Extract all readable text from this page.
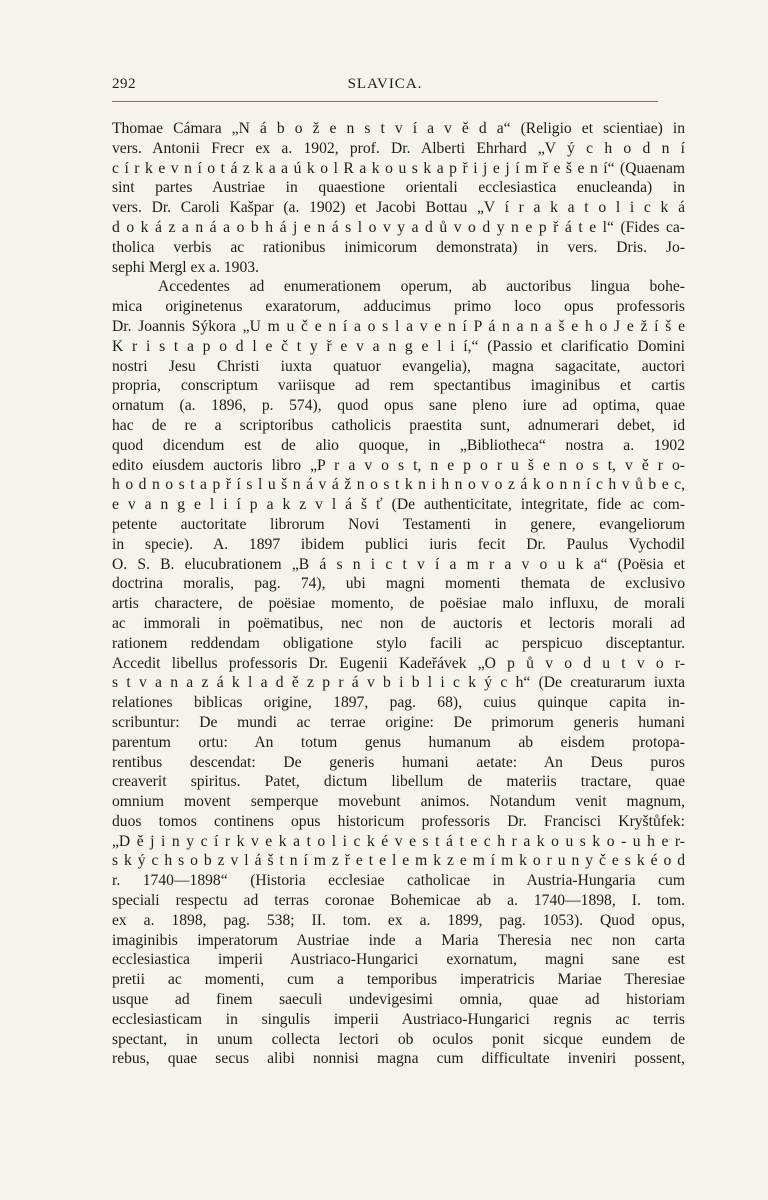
292	SLAVICA.
Thomae Cámara „N á b o ž e n s t v í a v ě d a“ (Religio et scientiae) in
vers. Antonii Frecr ex a. 1902, prof. Dr. Alberti Ehrhard „V ý c h o d n í
c í r k e v n í o t á z k a a ú k o l R a k o u s k a p ř i j e j í m ř e š e n í“ (Quaenam
sint partes Austriae in quaestione orientali ecclesiastica enucleanda) in
vers. Dr. Caroli Kašpar (a. 1902) et Jacobi Bottau „V í r a k a t o l i c k á
d o k á z a n á a o b h á j e n á s l o v y a d ů v o d y n e p ř á t e l“ (Fides ca-
tholica verbis ac rationibus inimicorum demonstrata) in vers. Dris. Jo-
sephi Mergl ex a. 1903.
Accedentes ad enumerationem operum, ab auctoribus lingua bohe-
mica originetenus exaratorum, adducimus primo loco opus professoris
Dr. Joannis Sýkora „U m u č e n í a o s l a v e n í P á n a n a š e h o J e ž í š e
K r i s t a p o d l e č t y ř e v a n g e l i í,“ (Passio et clarificatio Domini
nostri Jesu Christi iuxta quatuor evangelia), magna sagacitate, auctori
propria, conscriptum variisque ad rem spectantibus imaginibus et cartis
ornatum (a. 1896, p. 574), quod opus sane pleno iure ad optima, quae
hac de re a scriptoribus catholicis praestita sunt, adnumerari debet, id
quod dicendum est de alio quoque, in „Bibliotheca“ nostra a. 1902
edito eiusdem auctoris libro „P r a v o s t, n e p o r u š e n o s t, v ě r o-
h o d n o s t a p ř í s l u š n á v á ž n o s t k n i h n o v o z á k o n n í c h v ů b e c,
e v a n g e l i í p a k z v l á š ť (De authenticitate, integritate, fide ac com-
petente auctoritate librorum Novi Testamenti in genere, evangeliorum
in specie). A. 1897 ibidem publici iuris fecit Dr. Paulus Vychodil
O. S. B. elucubrationem „B á s n i c t v í a m r a v o u k a“ (Poësia et
doctrina moralis, pag. 74), ubi magni momenti themata de exclusivo
artis charactere, de poësiae momento, de poësiae malo influxu, de morali
ac immorali in poëmatibus, nec non de auctoris et lectoris morali ad
rationem reddendam obligatione stylo facili ac perspicuo disceptantur.
Accedit libellus professoris Dr. Eugenii Kadeřávek „O p ů v o d u t v o r-
s t v a n a z á k l a d ě z p r á v b i b l i c k ý c h“ (De creaturarum iuxta
relationes biblicas origine, 1897, pag. 68), cuius quinque capita in-
scribuntur: De mundi ac terrae origine: De primorum generis humani
parentum ortu: An totum genus humanum ab eisdem protopa-
rentibus descendat: De generis humani aetate: An Deus puros
creaverit spiritus. Patet, dictum libellum de materiis tractare, quae
omnium movent semperque movebunt animos. Notandum venit magnum,
duos tomos continens opus historicum professoris Dr. Francisci Kryštůfek:
„D ě j i n y c í r k v e k a t o l i c k é v e s t á t e c h r a k o u s k o - u h e r-
s k ý c h s o b z v l á š t n í m z ř e t e l e m k z e m í m k o r u n y č e s k é o d
r. 1740—1898“ (Historia ecclesiae catholicae in Austria-Hungaria cum
speciali respectu ad terras coronae Bohemicae ab a. 1740—1898, I. tom.
ex a. 1898, pag. 538; II. tom. ex a. 1899, pag. 1053). Quod opus,
imaginibis imperatorum Austriae inde a Maria Theresia nec non carta
ecclesiastica imperii Austriaco-Hungarici exornatum, magni sane est
pretii ac momenti, cum a temporibus imperatricis Mariae Theresiae
usque ad finem saeculi undevigesimi omnia, quae ad historiam
ecclesiasticam in singulis imperii Austriaco-Hungarici regnis ac terris
spectant, in unum collecta lectori ob oculos ponit sicque eundem de
rebus, quae secus alibi nonnisi magna cum difficultate inveniri possent,
